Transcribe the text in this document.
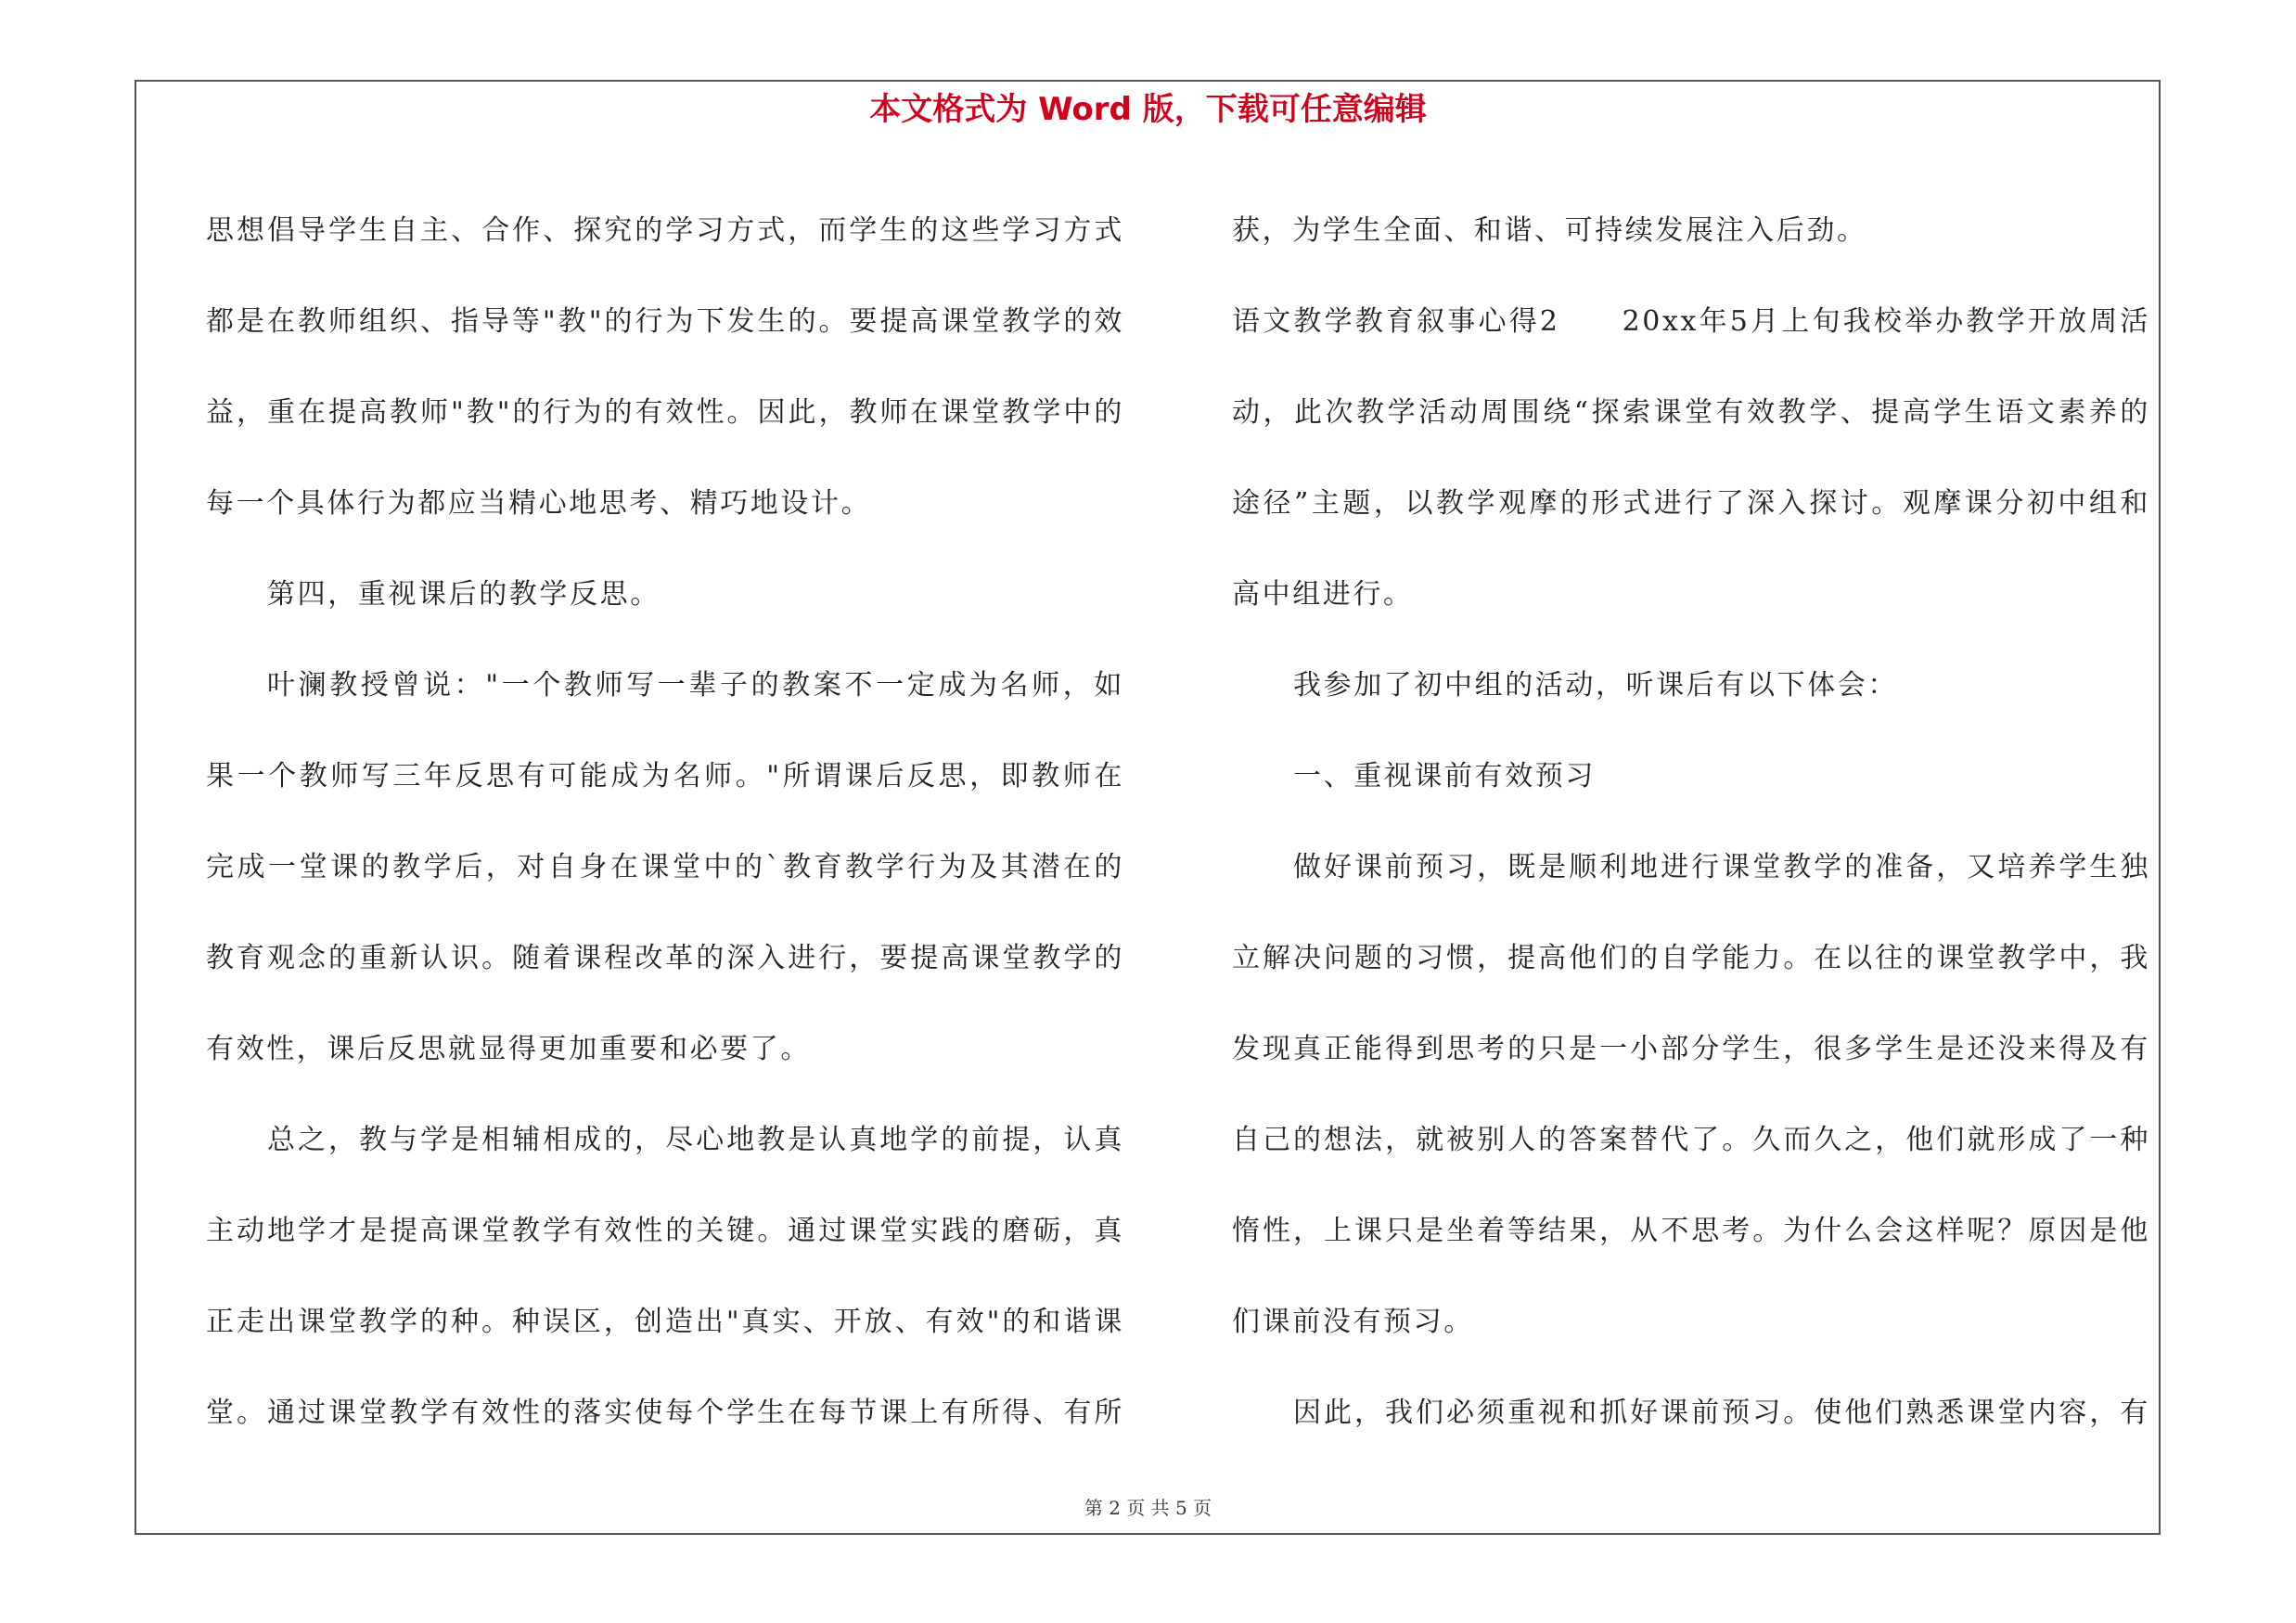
本文格式为 Word 版，下载可任意编辑
思想倡导学生自主、合作、探究的学习方式，而学生的这些学习方式
都是在教师组织、指导等"教"的行为下发生的。要提高课堂教学的效
益，重在提高教师"教"的行为的有效性。因此，教师在课堂教学中的
每一个具体行为都应当精心地思考、精巧地设计。
第四，重视课后的教学反思。
叶澜教授曾说："一个教师写一辈子的教案不一定成为名师，如
果一个教师写三年反思有可能成为名师。"所谓课后反思，即教师在
完成一堂课的教学后，对自身在课堂中的`教育教学行为及其潜在的
教育观念的重新认识。随着课程改革的深入进行，要提高课堂教学的
有效性，课后反思就显得更加重要和必要了。
总之，教与学是相辅相成的，尽心地教是认真地学的前提，认真
主动地学才是提高课堂教学有效性的关键。通过课堂实践的磨砺，真
正走出课堂教学的种。种误区，创造出"真实、开放、有效"的和谐课
堂。通过课堂教学有效性的落实使每个学生在每节课上有所得、有所
获，为学生全面、和谐、可持续发展注入后劲。
语文教学教育叙事心得2　　20xx年5月上旬我校举办教学开放周活
动，此次教学活动周围绕“探索课堂有效教学、提高学生语文素养的
途径”主题，以教学观摩的形式进行了深入探讨。观摩课分初中组和
高中组进行。
我参加了初中组的活动，听课后有以下体会：
一、重视课前有效预习
做好课前预习，既是顺利地进行课堂教学的准备，又培养学生独
立解决问题的习惯，提高他们的自学能力。在以往的课堂教学中，我
发现真正能得到思考的只是一小部分学生，很多学生是还没来得及有
自己的想法，就被别人的答案替代了。久而久之，他们就形成了一种
惰性，上课只是坐着等结果，从不思考。为什么会这样呢？原因是他
们课前没有预习。
因此，我们必须重视和抓好课前预习。使他们熟悉课堂内容，有
第 2 页 共 5 页
